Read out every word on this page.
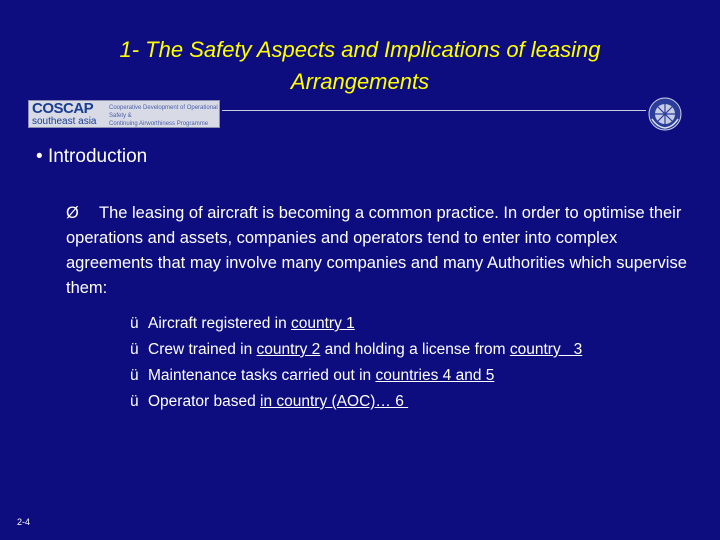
1- The Safety Aspects and Implications of leasing
Arrangements
COSCAP
southeast asia
Cooperative Development of Operational Safety &
Continuing Airworthiness Programme
• Introduction
Ø The leasing of aircraft is becoming a common practice. In order to optimise their operations and assets, companies and operators tend to enter into complex agreements that may involve many companies and many Authorities which supervise them:
ü Aircraft registered in country 1
ü Crew trained in country 2 and holding a license from country   3
ü Maintenance tasks carried out in countries 4 and 5
ü Operator based in country (AOC)… 6
2-4
